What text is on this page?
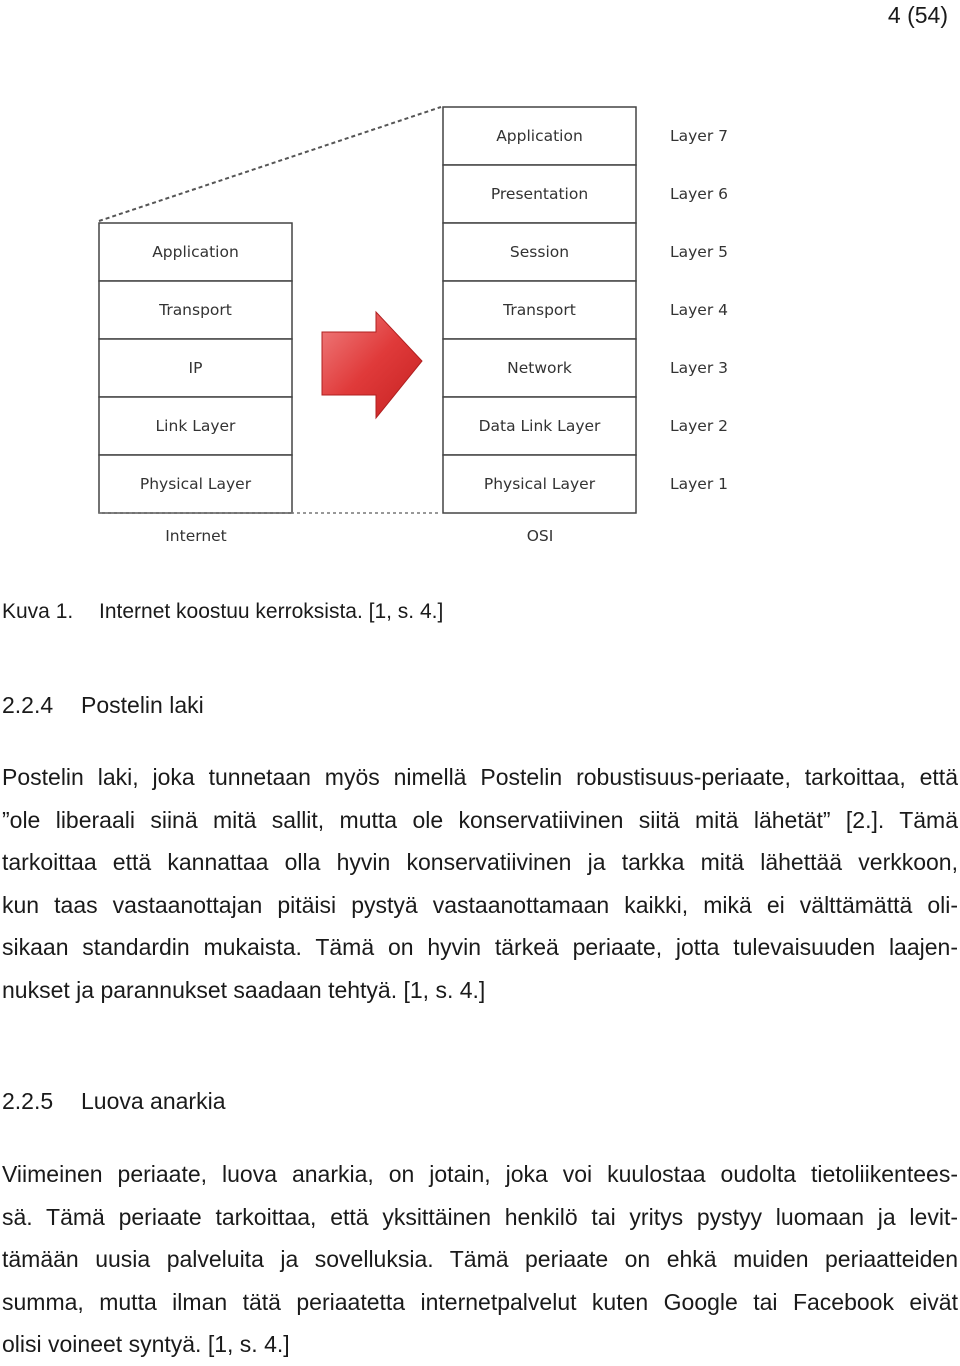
4 (54)
Application
Transport
IP
Link Layer
Physical Layer
Application
Presentation
Session
Transport
Network
Data Link Layer
Physical Layer
Layer 7
Layer 6
Layer 5
Layer 4
Layer 3
Layer 2
Layer 1
Internet	OSI
Kuva 1. Internet koostuu kerroksista. [1, s. 4.]
2.2.4 Postelin laki
Postelin laki, joka tunnetaan myös nimellä Postelin robustisuus-periaate, tarkoittaa, että
”ole liberaali siinä mitä sallit, mutta ole konservatiivinen siitä mitä lähetät” [2.]. Tämä
tarkoittaa että kannattaa olla hyvin konservatiivinen ja tarkka mitä lähettää verkkoon,
kun taas vastaanottajan pitäisi pystyä vastaanottamaan kaikki, mikä ei välttämättä oli-
sikaan standardin mukaista. Tämä on hyvin tärkeä periaate, jotta tulevaisuuden laajen-
nukset ja parannukset saadaan tehtyä. [1, s. 4.]
2.2.5 Luova anarkia
Viimeinen periaate, luova anarkia, on jotain, joka voi kuulostaa oudolta tietoliikentees-
sä. Tämä periaate tarkoittaa, että yksittäinen henkilö tai yritys pystyy luomaan ja levit-
tämään uusia palveluita ja sovelluksia. Tämä periaate on ehkä muiden periaatteiden
summa, mutta ilman tätä periaatetta internetpalvelut kuten Google tai Facebook eivät
olisi voineet syntyä. [1, s. 4.]
